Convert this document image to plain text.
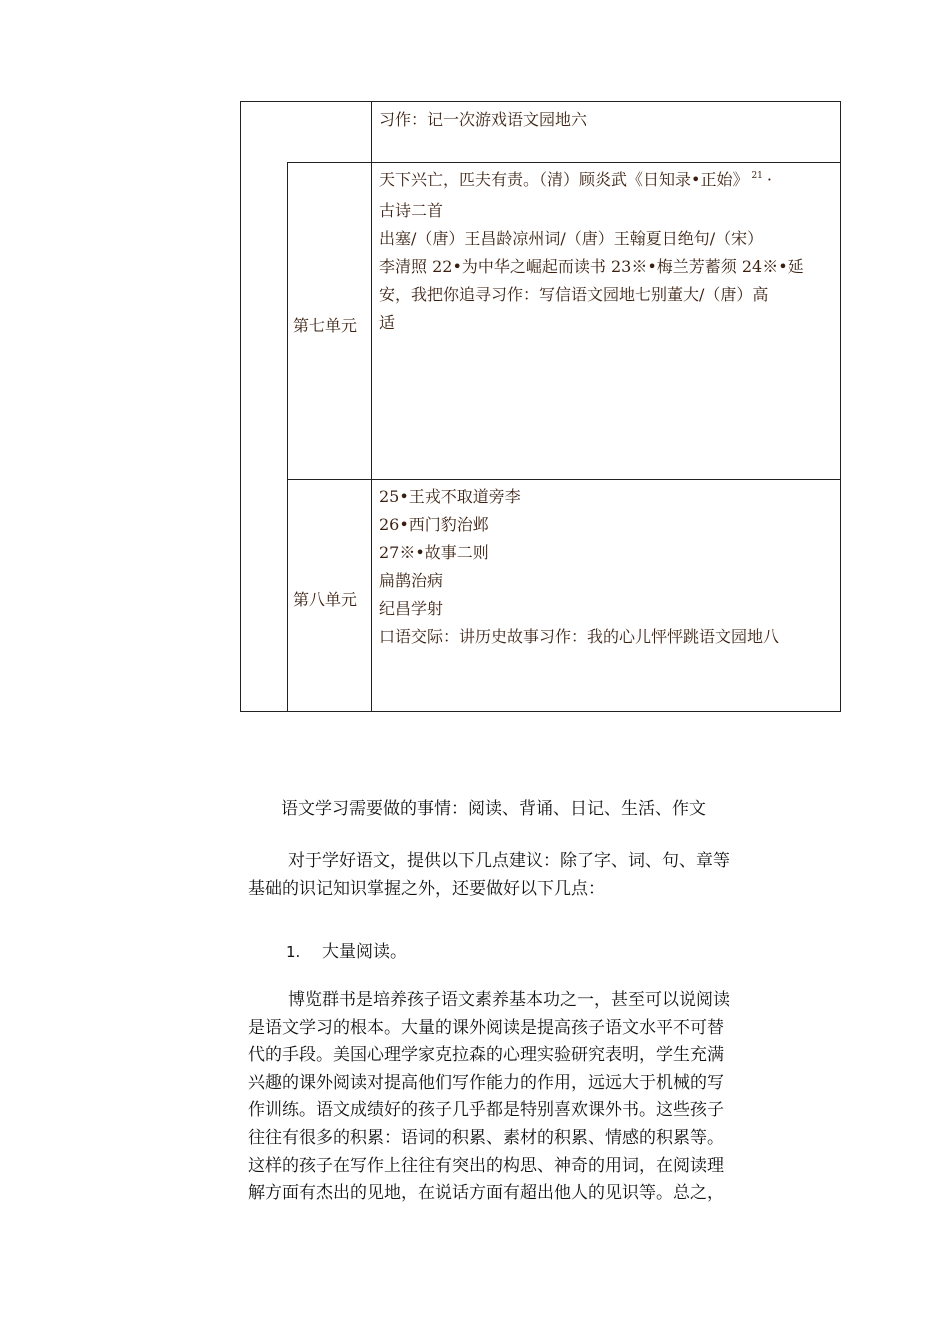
习作：记一次游戏语文园地六
第七单元
天下兴亡，匹夫有责。（清）顾炎武《日知录•正始》 $^{21}$ ·
古诗二首
出塞/（唐）王昌龄凉州词/（唐）王翰夏日绝句/（宋）
李清照 22•为中华之崛起而读书 23※•梅兰芳蓄须 24※•延
安，我把你追寻习作：写信语文园地七别董大/（唐）高
适
第八单元
25•王戎不取道旁李
26•西门豹治邺
27※•故事二则
扁鹊治病
纪昌学射
口语交际：讲历史故事习作：我的心儿怦怦跳语文园地八
语文学习需要做的事情：阅读、背诵、日记、生活、作文

对于学好语文，提供以下几点建议：除了字、词、句、章等

基础的识记知识掌握之外，还要做好以下几点：

1. 大量阅读。

博览群书是培养孩子语文素养基本功之一，甚至可以说阅读

是语文学习的根本。大量的课外阅读是提高孩子语文水平不可替

代的手段。美国心理学家克拉森的心理实验研究表明，学生充满

兴趣的课外阅读对提高他们写作能力的作用，远远大于机械的写

作训练。语文成绩好的孩子几乎都是特别喜欢课外书。这些孩子

往往有很多的积累：语词的积累、素材的积累、情感的积累等。

这样的孩子在写作上往往有突出的构思、神奇的用词，在阅读理

解方面有杰出的见地，在说话方面有超出他人的见识等。总之，
